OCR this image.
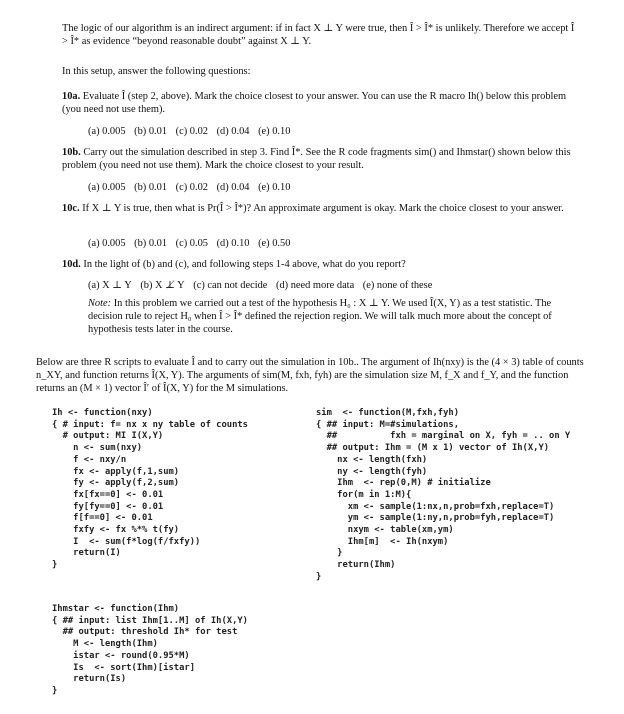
The logic of our algorithm is an indirect argument: if in fact X ⊥ Y were true, then Î > Î* is unlikely. Therefore we accept Î > Î* as evidence “beyond reasonable doubt” against X ⊥ Y.
In this setup, answer the following questions:
10a. Evaluate Î (step 2, above). Mark the choice closest to your answer. You can use the R macro Ih() below this problem (you need not use them).
(a) 0.005 (b) 0.01 (c) 0.02 (d) 0.04 (e) 0.10
10b. Carry out the simulation described in step 3. Find Î*. See the R code fragments sim() and Ihmstar() shown below this problem (you need not use them). Mark the choice closest to your result.
(a) 0.005 (b) 0.01 (c) 0.02 (d) 0.04 (e) 0.10
10c. If X ⊥ Y is true, then what is Pr(Î > Î*)? An approximate argument is okay. Mark the choice closest to your answer.
(a) 0.005 (b) 0.01 (c) 0.05 (d) 0.10 (e) 0.50
10d. In the light of (b) and (c), and following steps 1-4 above, what do you report?
(a) X ⊥ Y (b) X ⊥̸ Y (c) can not decide (d) need more data (e) none of these
Note: In this problem we carried out a test of the hypothesis H₀ : X ⊥ Y. We used Î(X, Y) as a test statistic. The decision rule to reject H₀ when Î > Î* defined the rejection region. We will talk much more about the concept of hypothesis tests later in the course.
Below are three R scripts to evaluate Î and to carry out the simulation in 10b.. The argument of Ih(nxy) is the (4 × 3) table of counts n_XY, and function returns Î(X, Y). The arguments of sim(M, fxh, fyh) are the simulation size M, f_X and f_Y, and the function returns an (M × 1) vector Î′ of Î(X, Y) for the M simulations.
Ih <- function(nxy)
{ # input: f= nx x ny table of counts
# output: MI I(X,Y)
n <- sum(nxy)
f <- nxy/n
fx <- apply(f,1,sum)
fy <- apply(f,2,sum)
fx[fx==0] <- 0.01
fy[fy==0] <- 0.01
f[f==0] <- 0.01
fxfy <- fx %*% t(fy)
I  <- sum(f*log(f/fxfy))
return(I)
}
sim  <- function(M,fxh,fyh)
{ ## input: M=#simulations,
##          fxh = marginal on X, fyh = .. on Y
## output: Ihm = (M x 1) vector of Ih(X,Y)
nx <- length(fxh)
ny <- length(fyh)
Ihm  <- rep(0,M) # initialize
for(m in 1:M){
xm <- sample(1:nx,n,prob=fxh,replace=T)
ym <- sample(1:ny,n,prob=fyh,replace=T)
nxym <- table(xm,ym)
Ihm[m]  <- Ih(nxym)
}
return(Ihm)
}
Ihmstar <- function(Ihm)
{ ## input: list Ihm[1..M] of Ih(X,Y)
## output: threshold Ih* for test
M <- length(Ihm)
istar <- round(0.95*M)
Is  <- sort(Ihm)[istar]
return(Is)
}
